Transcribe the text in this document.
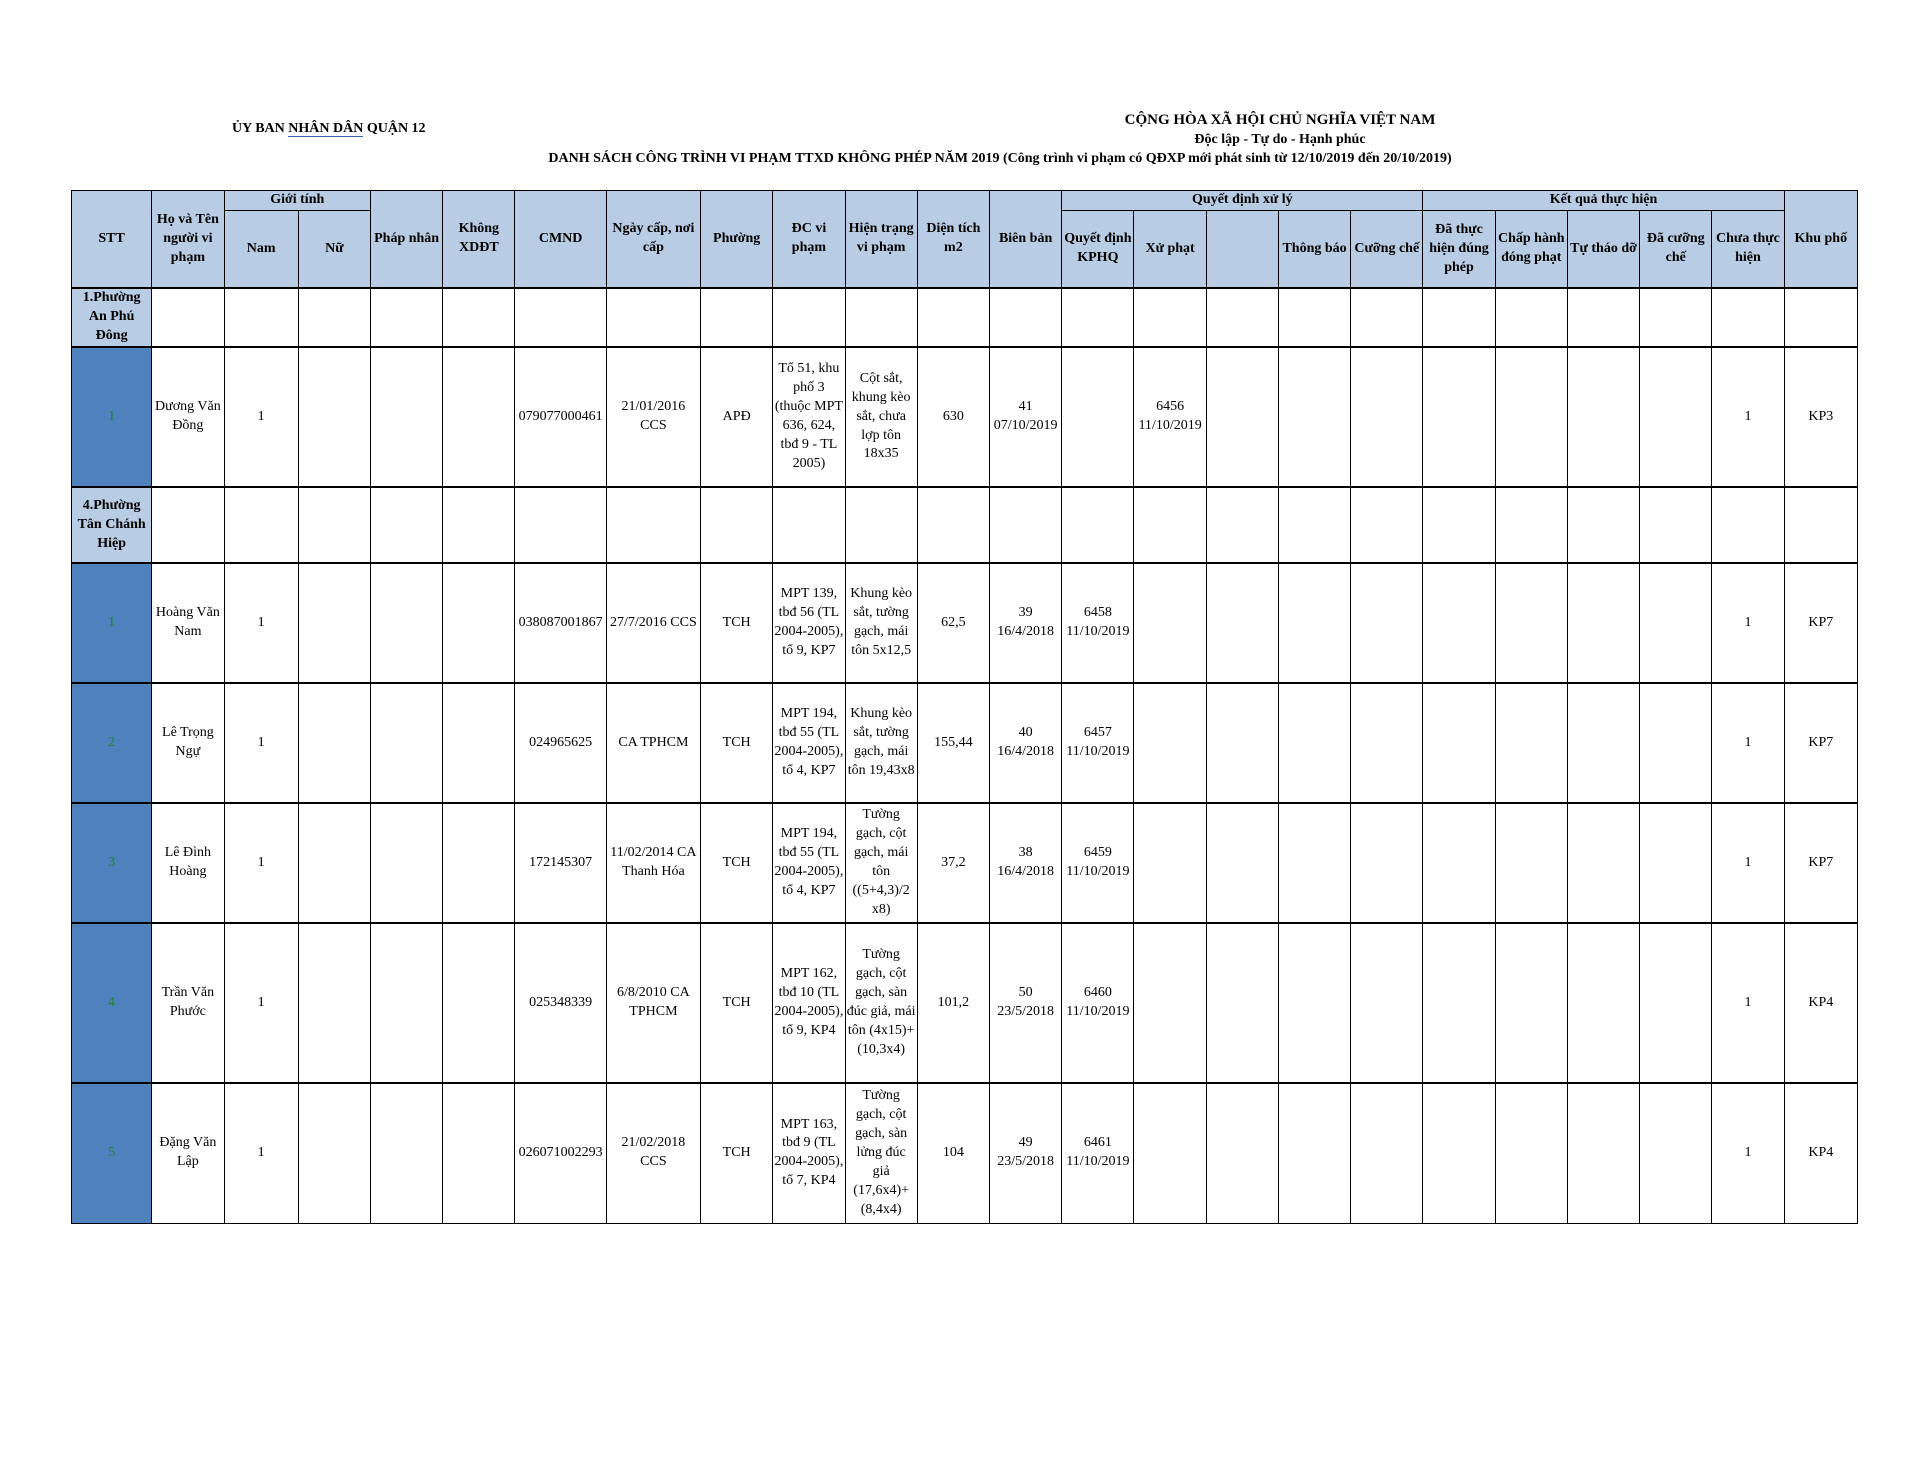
ỦY BAN NHÂN DÂN QUẬN 12
CỘNG HÒA XÃ HỘI CHỦ NGHĨA VIỆT NAM
Độc lập - Tự do - Hạnh phúc
DANH SÁCH CÔNG TRÌNH VI PHẠM TTXD KHÔNG PHÉP NĂM 2019 (Công trình vi phạm có QĐXP mới phát sinh từ 12/10/2019 đến 20/10/2019)
STT	Họ và Tên người vi phạm	Giới tính		Pháp nhân	Không XDĐT	CMND	Ngày cấp, nơi cấp	Phường	ĐC vi phạm	Hiện trạng vi phạm	Diện tích m2	Biên bản	Quyết định xử lý					Kết quả thực hiện					Khu phố
		Nam	Nữ										Quyết định KPHQ	Xử phạt		Thông báo	Cưỡng chế	Đã thực hiện đúng phép	Chấp hành đóng phạt	Tự tháo dỡ	Đã cưỡng chế	Chưa thực hiện	
1.Phường An Phú Đông																							
1	Dương Văn Đồng	1				079077000461	21/01/2016 CCS	APĐ	Tổ 51, khu phố 3 (thuộc MPT 636, 624, tbđ 9 - TL 2005)	Cột sắt, khung kèo sắt, chưa lợp tôn 18x35	630	41 07/10/2019		6456 11/10/2019								1	KP3
4.Phường Tân Chánh Hiệp																							
1	Hoàng Văn Nam	1				038087001867	27/7/2016 CCS	TCH	MPT 139, tbđ 56 (TL 2004-2005), tổ 9, KP7	Khung kèo sắt, tường gạch, mái tôn 5x12,5	62,5	39 16/4/2018	6458 11/10/2019									1	KP7
2	Lê Trọng Ngự	1				024965625	CA TPHCM	TCH	MPT 194, tbđ 55 (TL 2004-2005), tổ 4, KP7	Khung kèo sắt, tường gạch, mái tôn 19,43x8	155,44	40 16/4/2018	6457 11/10/2019									1	KP7
3	Lê Đình Hoàng	1				172145307	11/02/2014 CA Thanh Hóa	TCH	MPT 194, tbđ 55 (TL 2004-2005), tổ 4, KP7	Tường gạch, cột gạch, mái tôn ((5+4,3)/2 x8)	37,2	38 16/4/2018	6459 11/10/2019									1	KP7
4	Trần Văn Phước	1				025348339	6/8/2010 CA TPHCM	TCH	MPT 162, tbđ 10 (TL 2004-2005), tổ 9, KP4	Tường gạch, cột gạch, sàn đúc giả, mái tôn (4x15)+(10,3x4)	101,2	50 23/5/2018	6460 11/10/2019									1	KP4
5	Đặng Văn Lập	1				026071002293	21/02/2018 CCS	TCH	MPT 163, tbđ 9 (TL 2004-2005), tổ 7, KP4	Tường gạch, cột gạch, sàn lửng đúc giả (17,6x4)+(8,4x4)	104	49 23/5/2018	6461 11/10/2019									1	KP4
